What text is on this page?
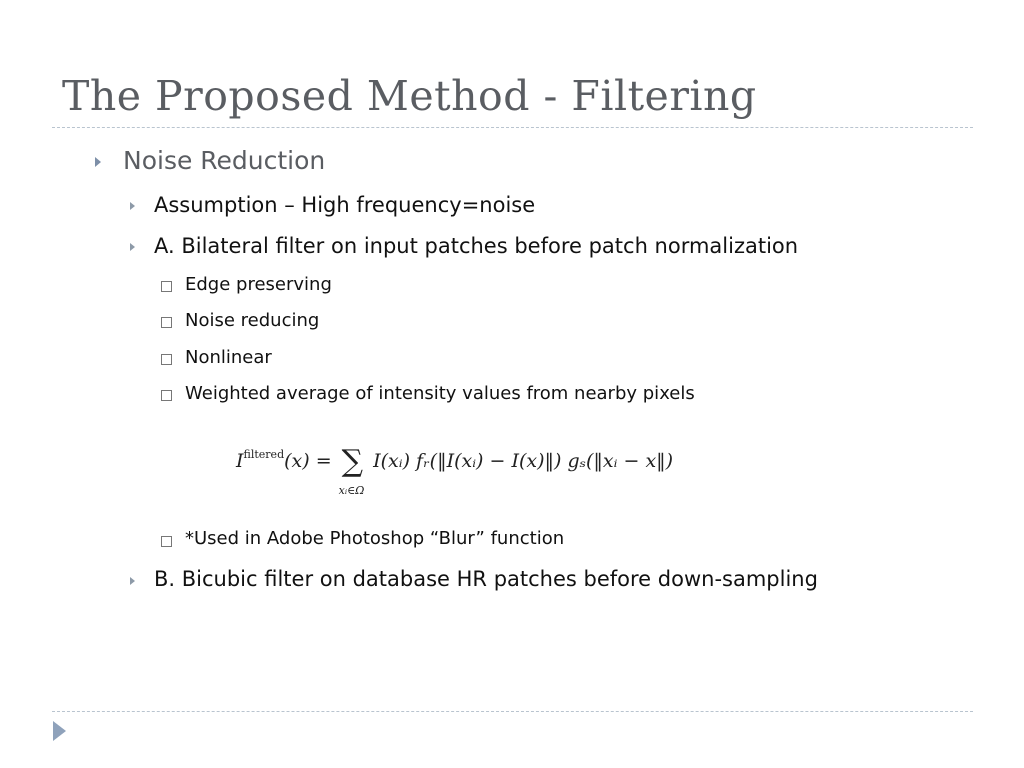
The Proposed Method - Filtering
Noise Reduction
Assumption – High frequency=noise
A. Bilateral filter on input patches before patch normalization
Edge preserving
Noise reducing
Nonlinear
Weighted average of intensity values from nearby pixels
$I^{filtered}(x)$ = ∑
xᵢ∈Ω
I(xᵢ) fᵣ(‖I(xᵢ) − I(x)‖) gₛ(‖xᵢ − x‖)
*Used in Adobe Photoshop “Blur” function
B. Bicubic filter on database HR patches before down-sampling
